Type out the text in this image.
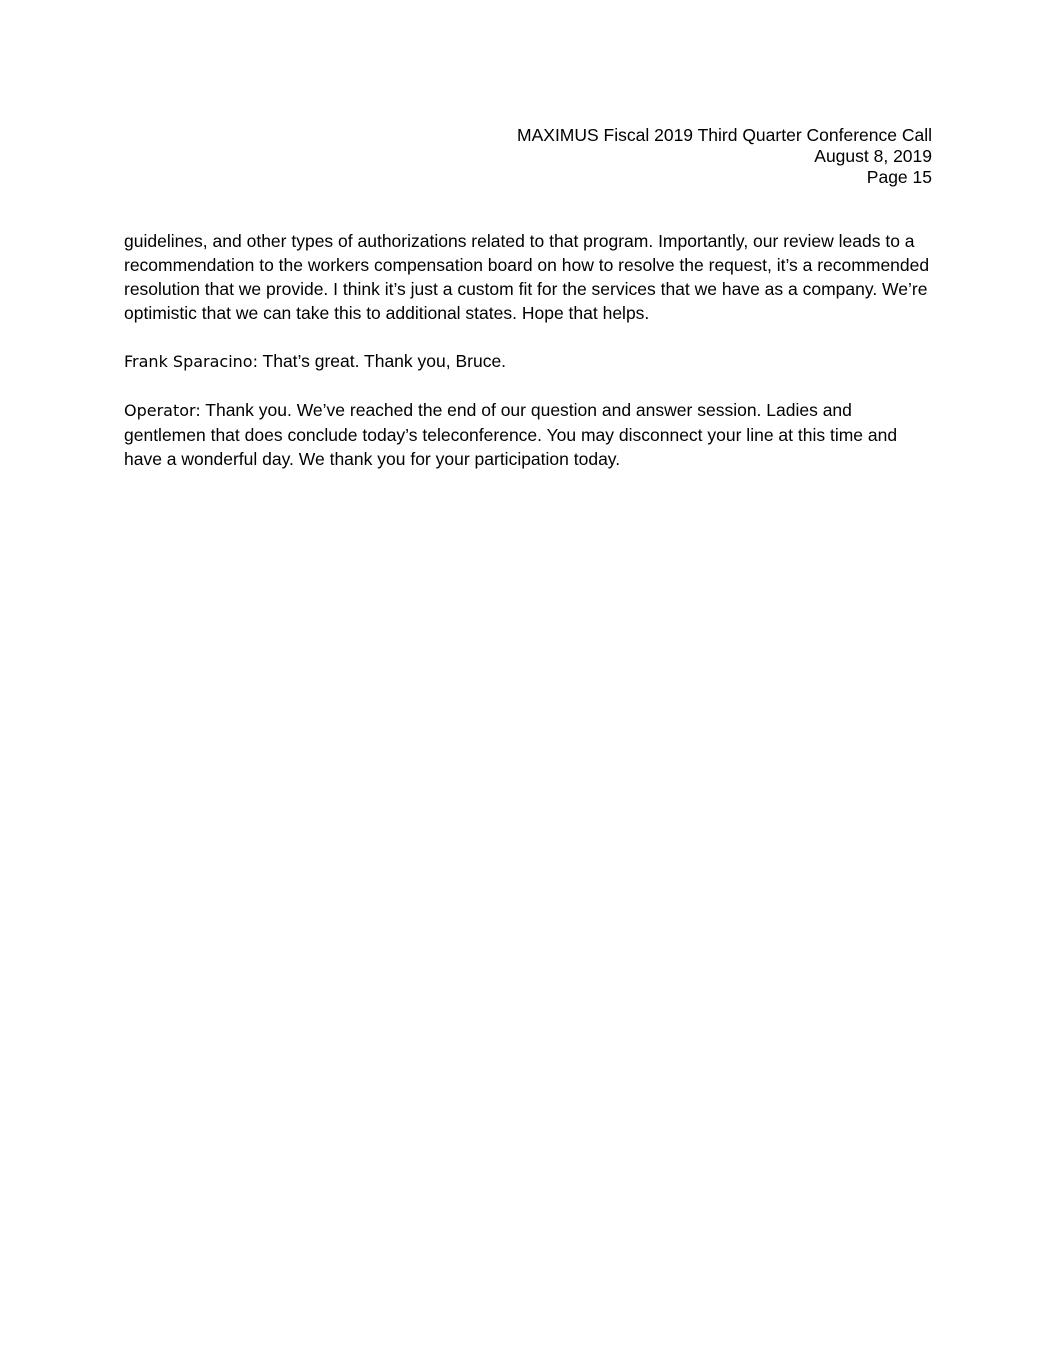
MAXIMUS Fiscal 2019 Third Quarter Conference Call
August 8, 2019
Page 15

guidelines, and other types of authorizations related to that program. Importantly, our review leads to a recommendation to the workers compensation board on how to resolve the request, it’s a recommended resolution that we provide. I think it’s just a custom fit for the services that we have as a company. We’re optimistic that we can take this to additional states. Hope that helps.

Frank Sparacino: That’s great. Thank you, Bruce.

Operator: Thank you. We’ve reached the end of our question and answer session. Ladies and gentlemen that does conclude today’s teleconference. You may disconnect your line at this time and have a wonderful day. We thank you for your participation today.
